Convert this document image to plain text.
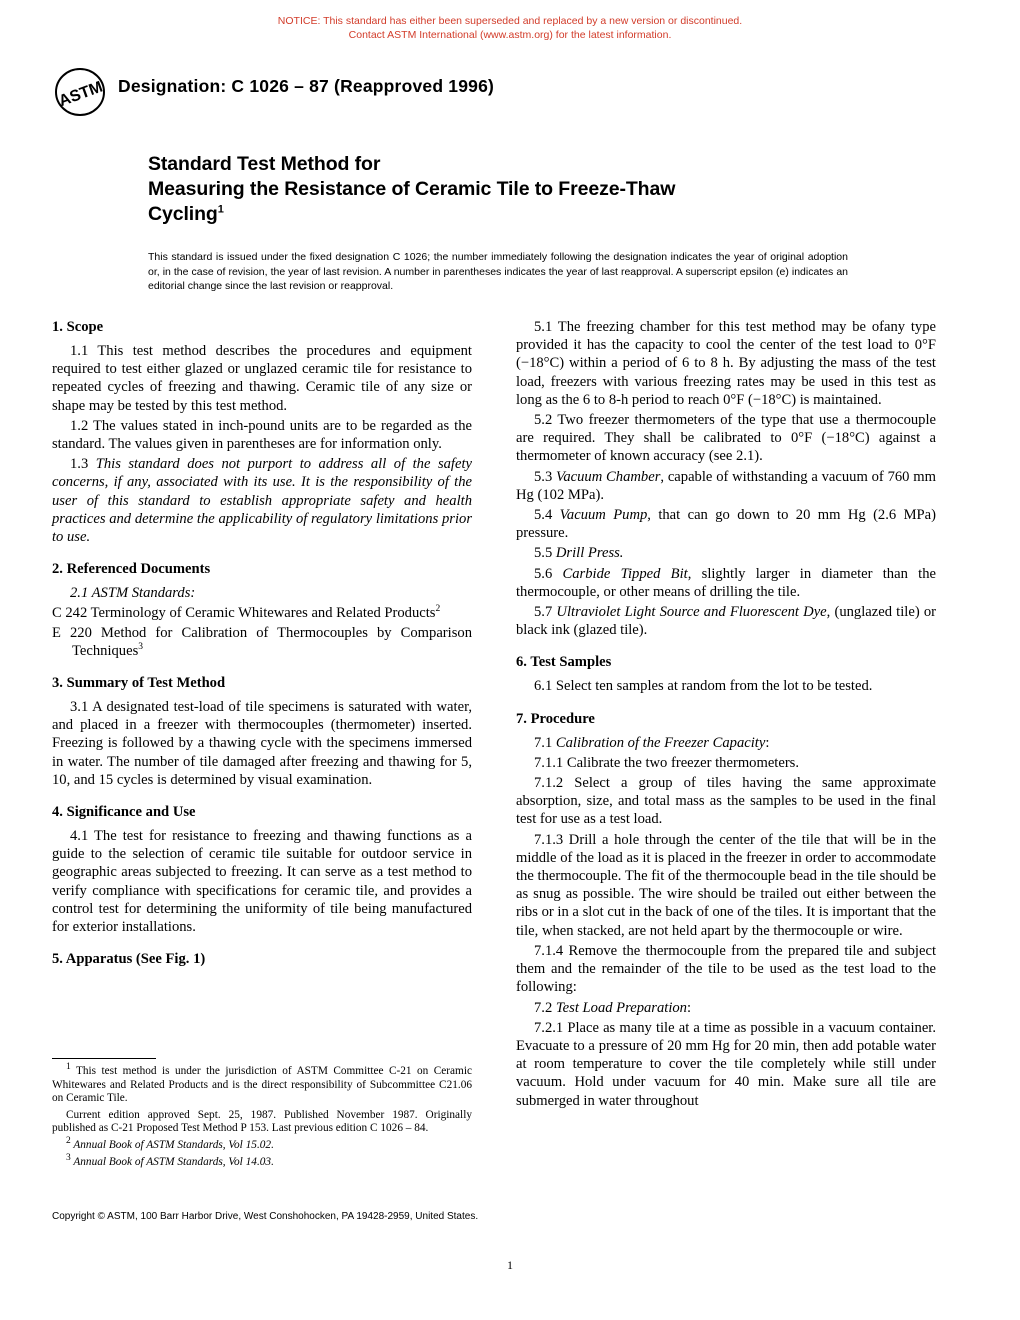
NOTICE: This standard has either been superseded and replaced by a new version or discontinued.
Contact ASTM International (www.astm.org) for the latest information.
ASTM Designation: C 1026 – 87 (Reapproved 1996)
Standard Test Method for
Measuring the Resistance of Ceramic Tile to Freeze-Thaw
Cycling$^1$
This standard is issued under the fixed designation C 1026; the number immediately following the designation indicates the year of original adoption or, in the case of revision, the year of last revision. A number in parentheses indicates the year of last reapproval. A superscript epsilon (e) indicates an editorial change since the last revision or reapproval.
1. Scope

1.1 This test method describes the procedures and equipment required to test either glazed or unglazed ceramic tile for resistance to repeated cycles of freezing and thawing. Ceramic tile of any size or shape may be tested by this test method.

1.2 The values stated in inch-pound units are to be regarded as the standard. The values given in parentheses are for information only.

1.3 This standard does not purport to address all of the safety concerns, if any, associated with its use. It is the responsibility of the user of this standard to establish appropriate safety and health practices and determine the applicability of regulatory limitations prior to use.

2. Referenced Documents

2.1 ASTM Standards:

C 242 Terminology of Ceramic Whitewares and Related Products$^2$

E 220 Method for Calibration of Thermocouples by Comparison Techniques$^3$

3. Summary of Test Method

3.1 A designated test-load of tile specimens is saturated with water, and placed in a freezer with thermocouples (thermometer) inserted. Freezing is followed by a thawing cycle with the specimens immersed in water. The number of tile damaged after freezing and thawing for 5, 10, and 15 cycles is determined by visual examination.

4. Significance and Use

4.1 The test for resistance to freezing and thawing functions as a guide to the selection of ceramic tile suitable for outdoor service in geographic areas subjected to freezing. It can serve as a test method to verify compliance with specifications for ceramic tile, and provides a control test for determining the uniformity of tile being manufactured for exterior installations.

5. Apparatus (See Fig. 1)

5.1 The freezing chamber for this test method may be ofany type provided it has the capacity to cool the center of the test load to 0°F (−18°C) within a period of 6 to 8 h. By adjusting the mass of the test load, freezers with various freezing rates may be used in this test as long as the 6 to 8-h period to reach 0°F (−18°C) is maintained.

5.2 Two freezer thermometers of the type that use a thermocouple are required. They shall be calibrated to 0°F (−18°C) against a thermometer of known accuracy (see 2.1).

5.3 Vacuum Chamber, capable of withstanding a vacuum of 760 mm Hg (102 MPa).

5.4 Vacuum Pump, that can go down to 20 mm Hg (2.6 MPa) pressure.

5.5 Drill Press.

5.6 Carbide Tipped Bit, slightly larger in diameter than the thermocouple, or other means of drilling the tile.

5.7 Ultraviolet Light Source and Fluorescent Dye, (unglazed tile) or black ink (glazed tile).

6. Test Samples

6.1 Select ten samples at random from the lot to be tested.

7. Procedure

7.1 Calibration of the Freezer Capacity:

7.1.1 Calibrate the two freezer thermometers.

7.1.2 Select a group of tiles having the same approximate absorption, size, and total mass as the samples to be used in the final test for use as a test load.

7.1.3 Drill a hole through the center of the tile that will be in the middle of the load as it is placed in the freezer in order to accommodate the thermocouple. The fit of the thermocouple bead in the tile should be as snug as possible. The wire should be trailed out either between the ribs or in a slot cut in the back of one of the tiles. It is important that the tile, when stacked, are not held apart by the thermocouple or wire.

7.1.4 Remove the thermocouple from the prepared tile and subject them and the remainder of the tile to be used as the test load to the following:

7.2 Test Load Preparation:

7.2.1 Place as many tile at a time as possible in a vacuum container. Evacuate to a pressure of 20 mm Hg for 20 min, then add potable water at room temperature to cover the tile completely while still under vacuum. Hold under vacuum for 40 min. Make sure all tile are submerged in water throughout

$^1$ This test method is under the jurisdiction of ASTM Committee C-21 on Ceramic Whitewares and Related Products and is the direct responsibility of Subcommittee C21.06 on Ceramic Tile.

Current edition approved Sept. 25, 1987. Published November 1987. Originally published as C-21 Proposed Test Method P 153. Last previous edition C 1026 – 84.

$^2$ Annual Book of ASTM Standards, Vol 15.02.

$^3$ Annual Book of ASTM Standards, Vol 14.03.

Copyright © ASTM, 100 Barr Harbor Drive, West Conshohocken, PA 19428-2959, United States.
1
